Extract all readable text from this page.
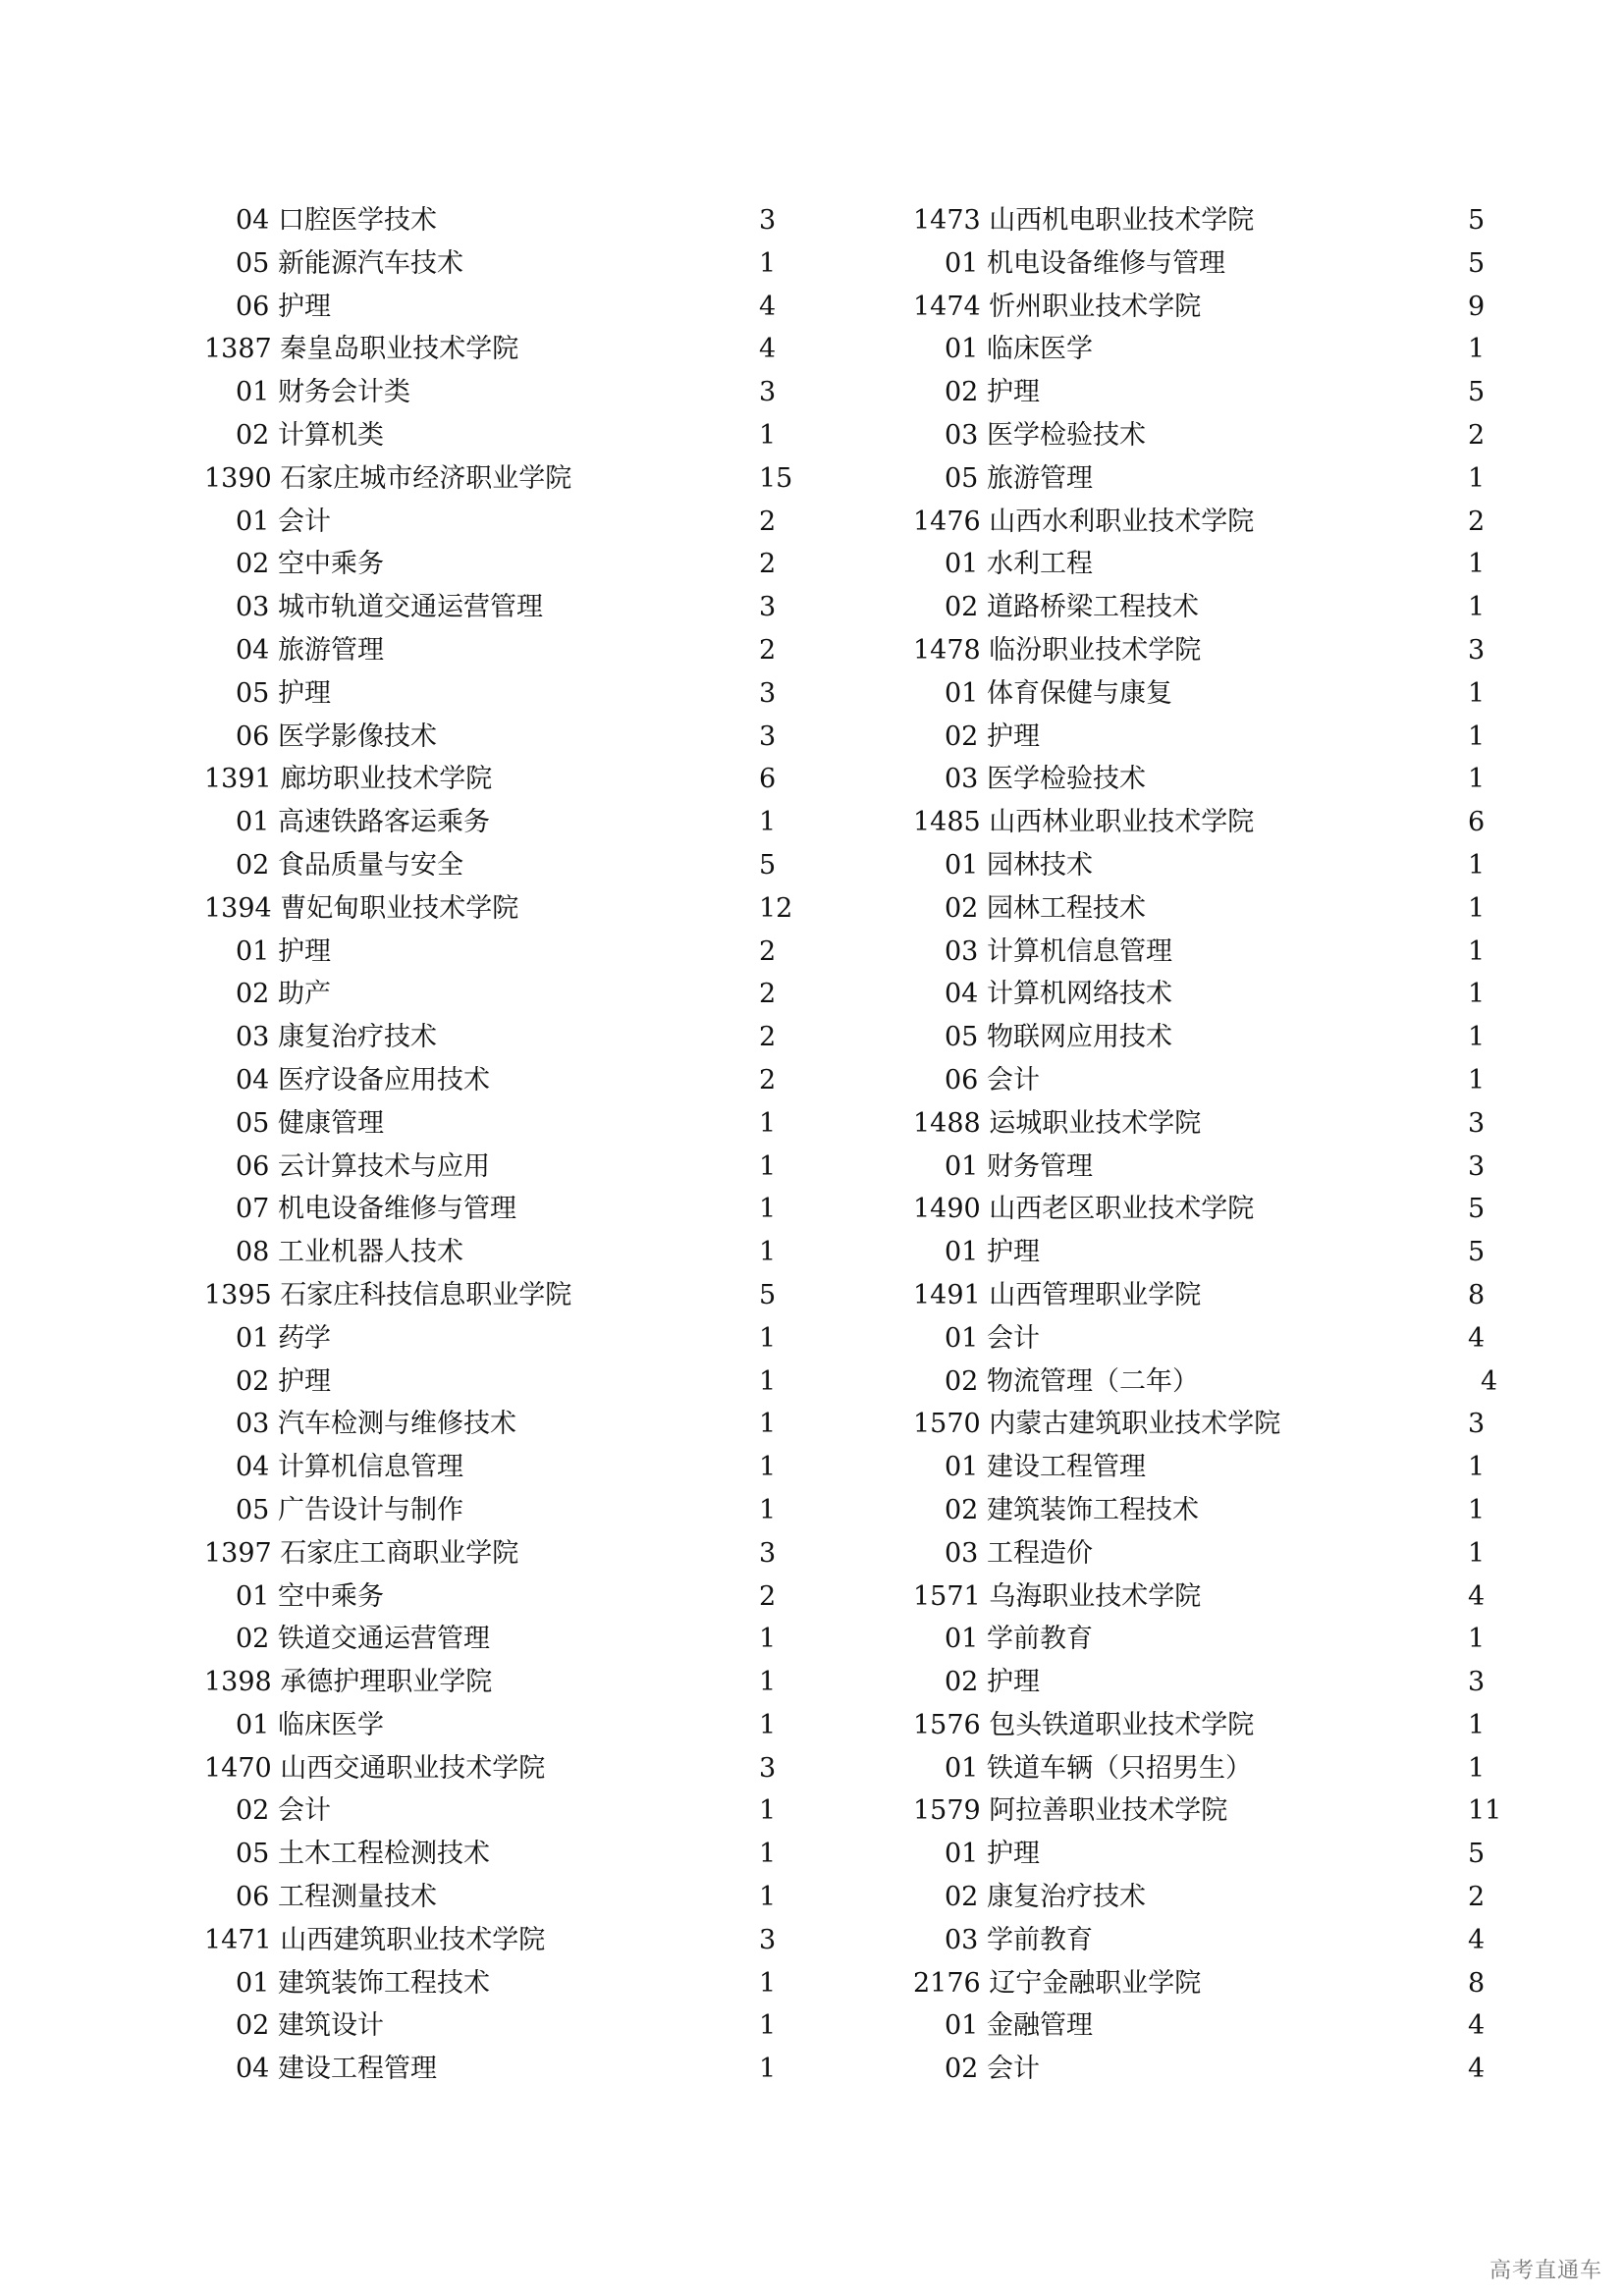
04 口腔医学技术	3
05 新能源汽车技术	1
06 护理	4
1387 秦皇岛职业技术学院	4
01 财务会计类	3
02 计算机类	1
1390 石家庄城市经济职业学院	15
01 会计	2
02 空中乘务	2
03 城市轨道交通运营管理	3
04 旅游管理	2
05 护理	3
06 医学影像技术	3
1391 廊坊职业技术学院	6
01 高速铁路客运乘务	1
02 食品质量与安全	5
1394 曹妃甸职业技术学院	12
01 护理	2
02 助产	2
03 康复治疗技术	2
04 医疗设备应用技术	2
05 健康管理	1
06 云计算技术与应用	1
07 机电设备维修与管理	1
08 工业机器人技术	1
1395 石家庄科技信息职业学院	5
01 药学	1
02 护理	1
03 汽车检测与维修技术	1
04 计算机信息管理	1
05 广告设计与制作	1
1397 石家庄工商职业学院	3
01 空中乘务	2
02 铁道交通运营管理	1
1398 承德护理职业学院	1
01 临床医学	1
1470 山西交通职业技术学院	3
02 会计	1
05 土木工程检测技术	1
06 工程测量技术	1
1471 山西建筑职业技术学院	3
01 建筑装饰工程技术	1
02 建筑设计	1
04 建设工程管理	1
1473 山西机电职业技术学院	5
01 机电设备维修与管理	5
1474 忻州职业技术学院	9
01 临床医学	1
02 护理	5
03 医学检验技术	2
05 旅游管理	1
1476 山西水利职业技术学院	2
01 水利工程	1
02 道路桥梁工程技术	1
1478 临汾职业技术学院	3
01 体育保健与康复	1
02 护理	1
03 医学检验技术	1
1485 山西林业职业技术学院	6
01 园林技术	1
02 园林工程技术	1
03 计算机信息管理	1
04 计算机网络技术	1
05 物联网应用技术	1
06 会计	1
1488 运城职业技术学院	3
01 财务管理	3
1490 山西老区职业技术学院	5
01 护理	5
1491 山西管理职业学院	8
01 会计	4
02 物流管理（二年）	4
1570 内蒙古建筑职业技术学院	3
01 建设工程管理	1
02 建筑装饰工程技术	1
03 工程造价	1
1571 乌海职业技术学院	4
01 学前教育	1
02 护理	3
1576 包头铁道职业技术学院	1
01 铁道车辆（只招男生）	1
1579 阿拉善职业技术学院	11
01 护理	5
02 康复治疗技术	2
03 学前教育	4
2176 辽宁金融职业学院	8
01 金融管理	4
02 会计	4
高考直通车
